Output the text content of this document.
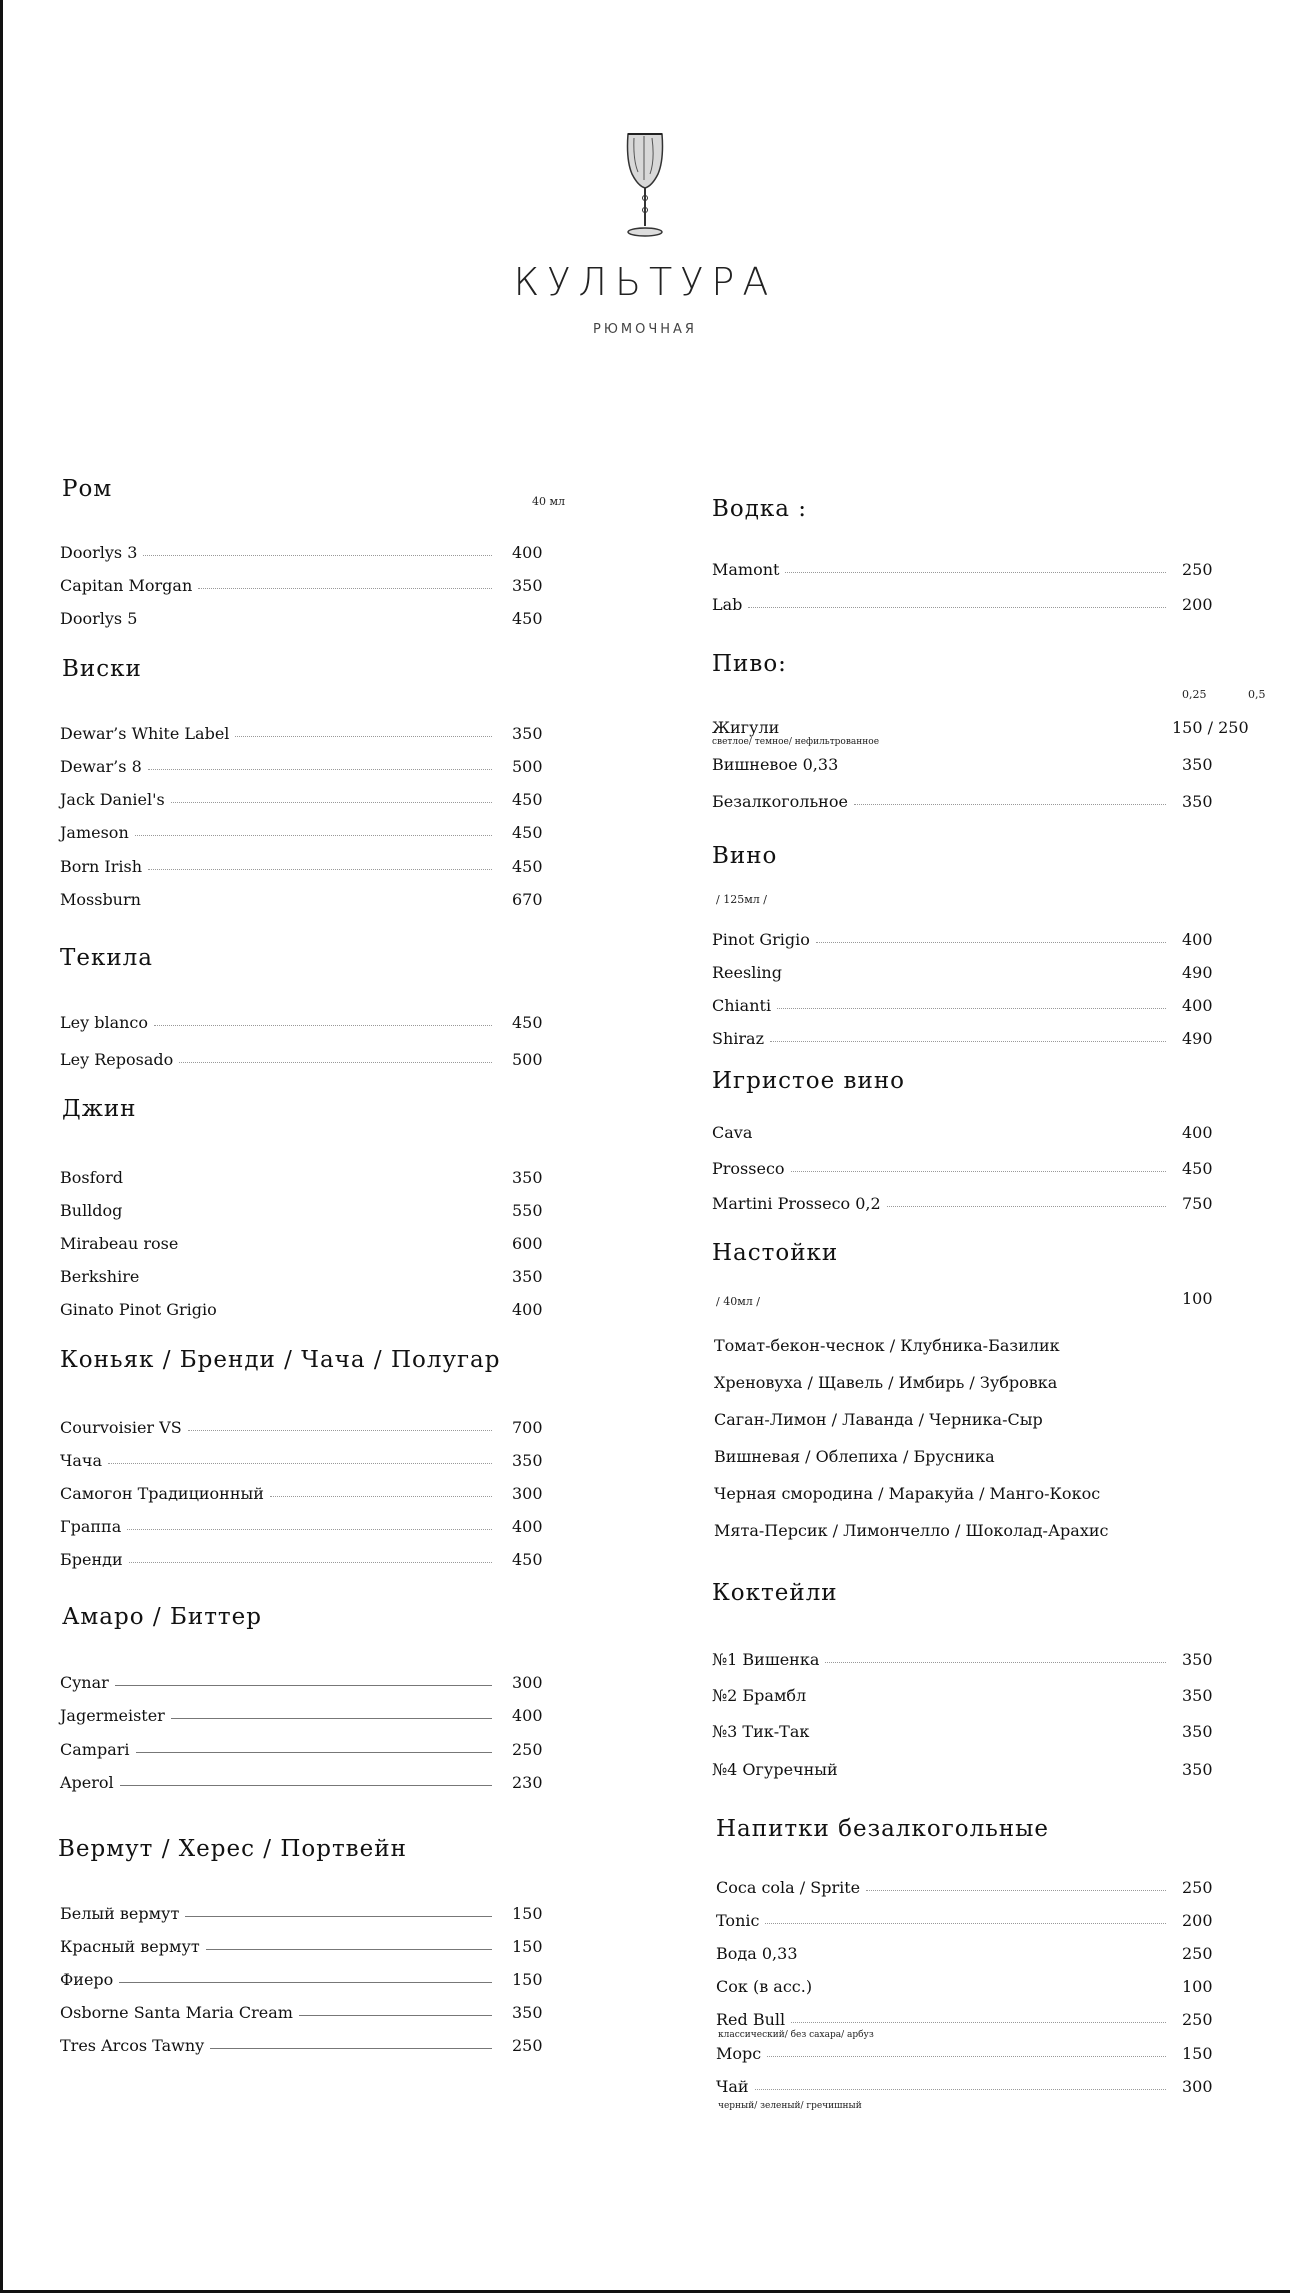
КУЛЬТУРА
РЮМОЧНАЯ
Ром	40 мл
Doorlys 3	400
Capitan Morgan	350
Doorlys 5	450
Виски
Dewar’s White Label	350
Dewar’s 8	500
Jack Daniel's	450
Jameson	450
Born Irish	450
Mossburn	670
Текила
Ley blanco	450
Ley Reposado	500
Джин
Bosford	350
Bulldog	550
Mirabeau rose	600
Berkshire	350
Ginato Pinot Grigio	400
Коньяк / Бренди / Чача / Полугар
Courvoisier VS	700
Чача	350
Самогон Традиционный	300
Граппа	400
Бренди	450
Амаро / Биттер
Cynar	300
Jagermeister	400
Campari	250
Aperol	230
Вермут / Херес / Портвейн
Белый вермут	150
Красный вермут	150
Фиеро	150
Osborne Santa Maria Cream	350
Tres Arcos Tawny	250
Водка :
Mamont	250
Lab	200
Пиво:
0,25	0,5
Жигули	150 / 250
светлое/ темное/ нефильтрованное
Вишневое 0,33	350
Безалкогольное	350
Вино
/ 125мл /
Pinot Grigio	400
Reesling	490
Chianti	400
Shiraz	490
Игристое вино
Cava	400
Prosseco	450
Martini Prosseco 0,2	750
Настойки
/ 40мл /	100
Томат-бекон-чеснок / Клубника-Базилик
Хреновуха / Щавель / Имбирь / Зубровка
Саган-Лимон / Лаванда / Черника-Сыр
Вишневая / Облепиха / Брусника
Черная смородина / Маракуйа / Манго-Кокос
Мята-Персик / Лимончелло / Шоколад-Арахис
Коктейли
№1 Вишенка	350
№2 Брамбл	350
№3 Тик-Так	350
№4 Огуречный	350
Напитки безалкогольные
Coca cola / Sprite	250
Tonic	200
Вода 0,33	250
Сок (в асс.)	100
Red Bull	250
классический/ без сахара/ арбуз
Морс	150
Чай	300
черный/ зеленый/ гречишный
